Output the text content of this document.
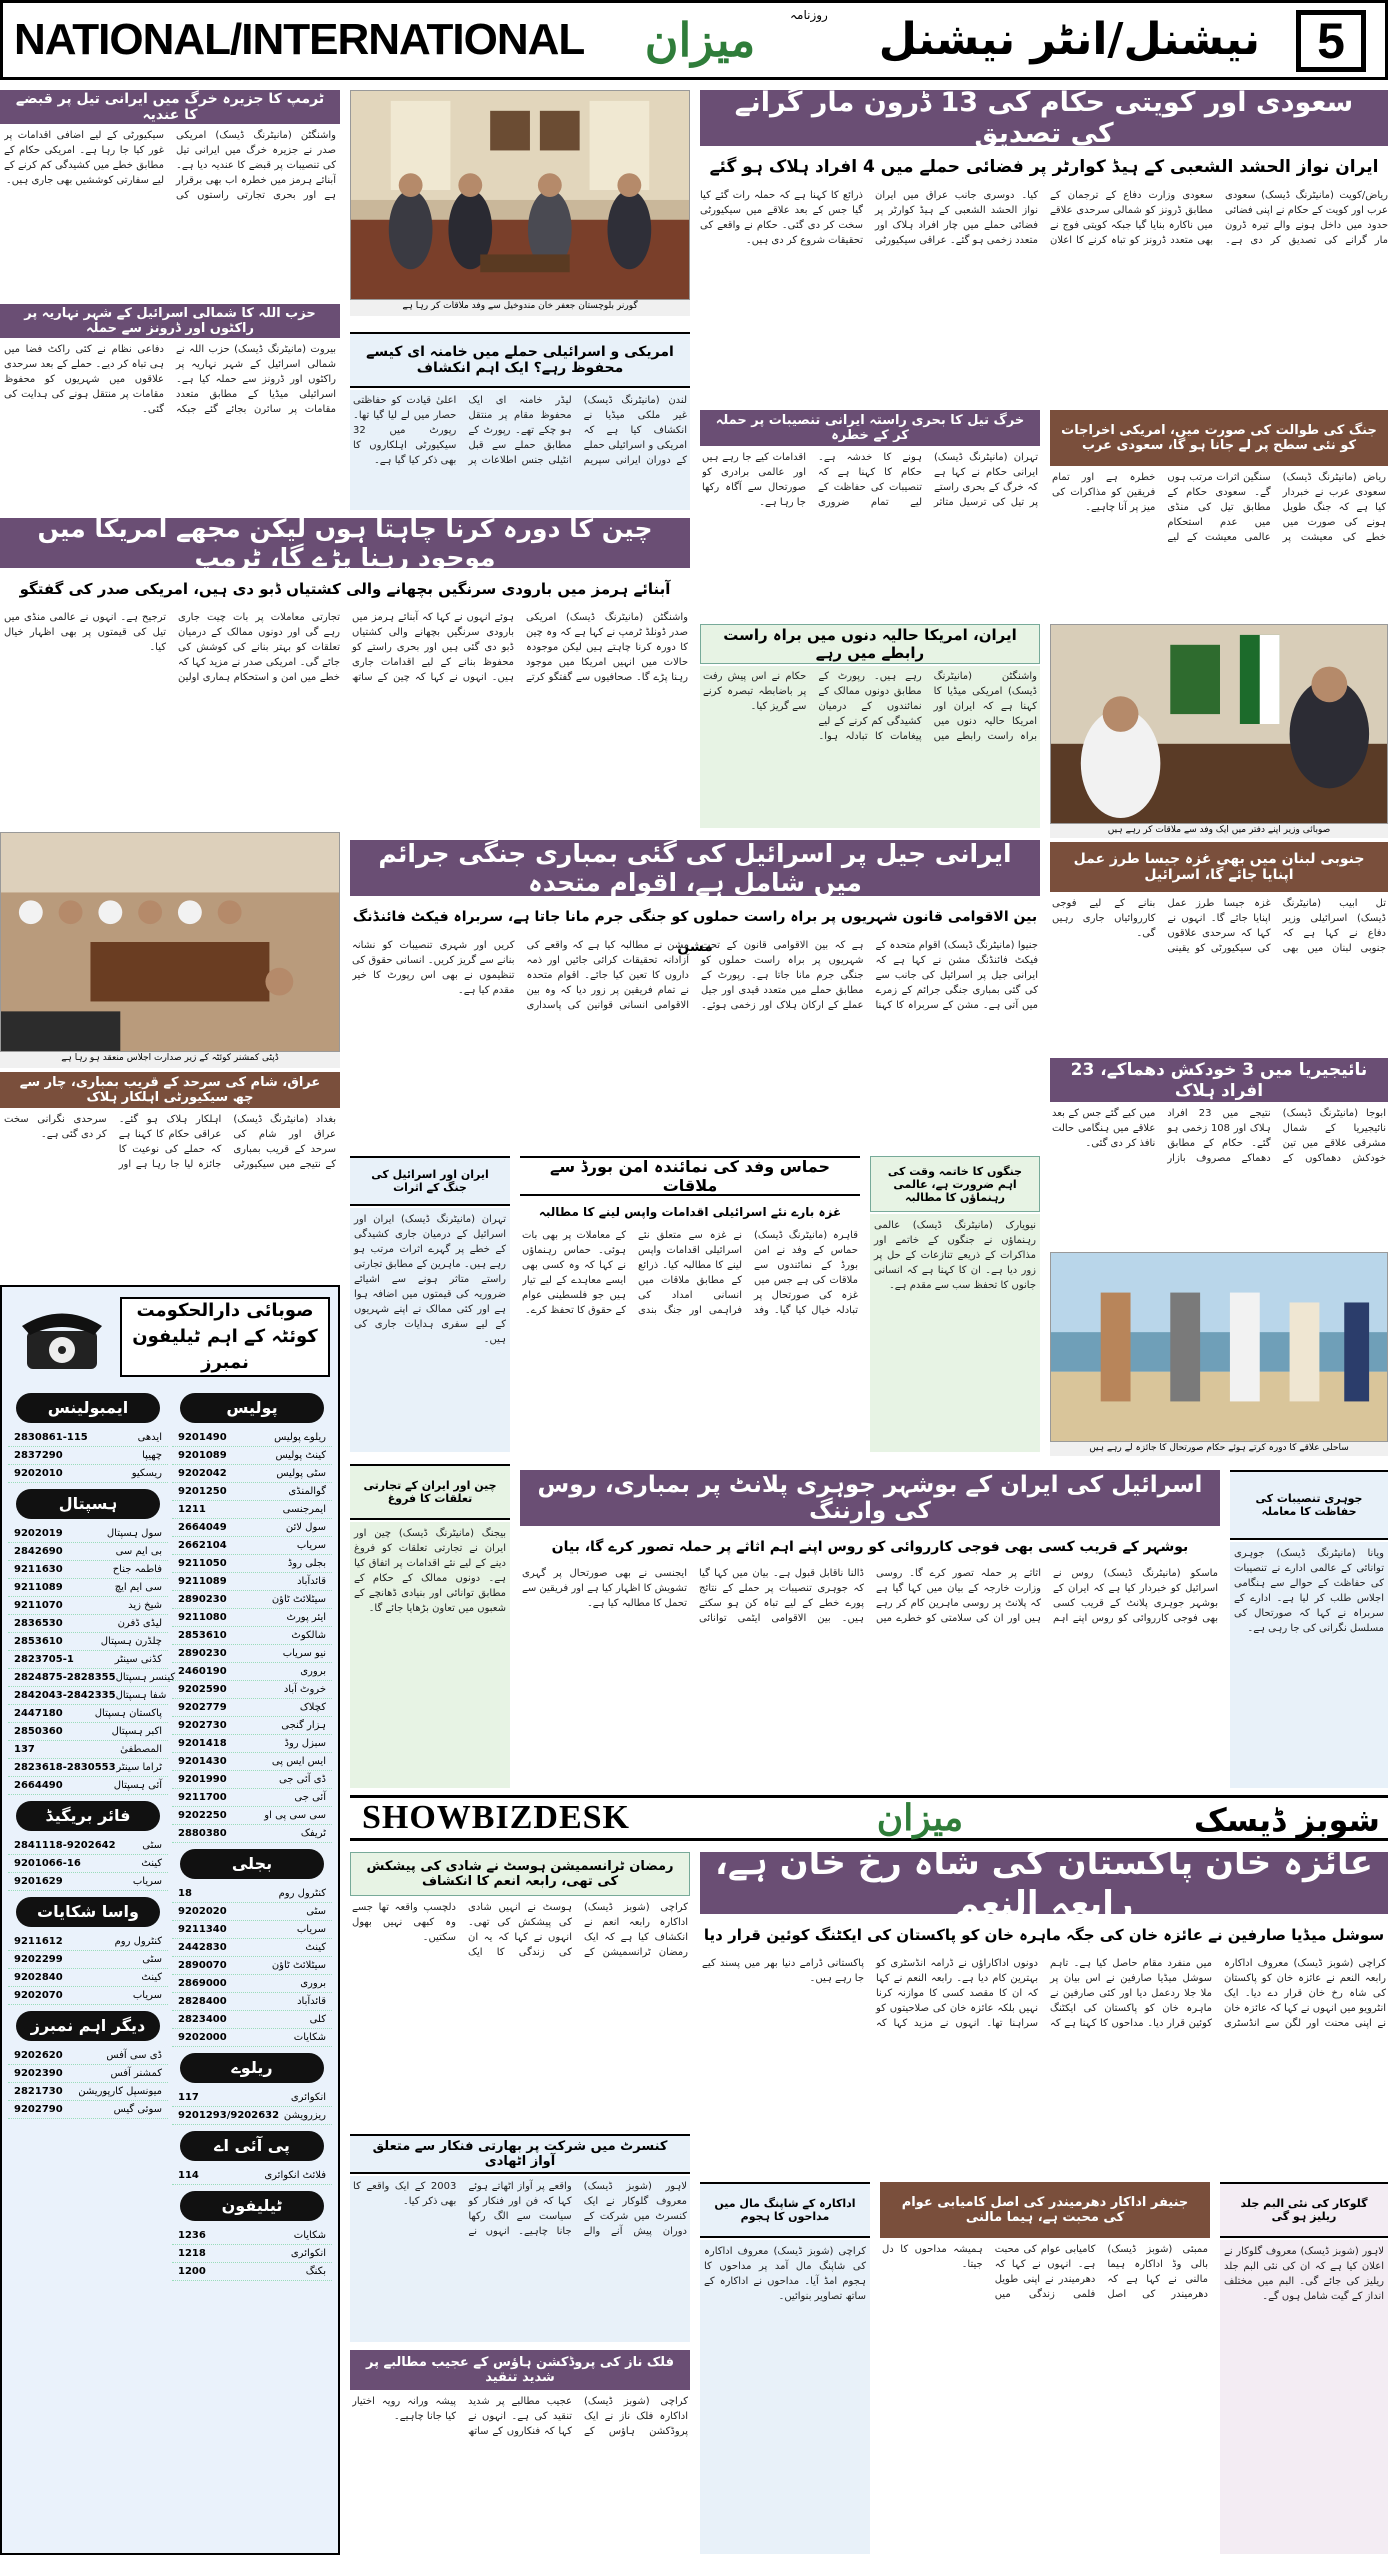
NATIONAL/INTERNATIONAL	روزنامہ
میزان	نیشنل/انٹر نیشنل	5
سعودی اور کویتی حکام کی 13 ڈرون مار گرانے کی تصدیق
ایران نواز الحشد الشعبی کے ہیڈ کوارٹر پر فضائی حملے میں 4 افراد ہلاک ہو گئے

ریاض/کویت (مانیٹرنگ ڈیسک) سعودی عرب اور کویت کے حکام نے اپنی فضائی حدود میں داخل ہونے والے تیرہ ڈرون مار گرانے کی تصدیق کر دی ہے۔ سعودی وزارت دفاع کے ترجمان کے مطابق ڈرونز کو شمالی سرحدی علاقے میں ناکارہ بنایا گیا جبکہ کویتی فوج نے بھی متعدد ڈرونز کو تباہ کرنے کا اعلان کیا۔ دوسری جانب عراق میں ایران نواز الحشد الشعبی کے ہیڈ کوارٹر پر فضائی حملے میں چار افراد ہلاک اور متعدد زخمی ہو گئے۔ عراقی سیکیورٹی ذرائع کا کہنا ہے کہ حملہ رات گئے کیا گیا جس کے بعد علاقے میں سیکیورٹی سخت کر دی گئی۔ حکام نے واقعے کی تحقیقات شروع کر دی ہیں۔

ٹرمپ کا جزیرہ خرگ میں ایرانی تیل پر قبضے کا عندیہ

واشنگٹن (مانیٹرنگ ڈیسک) امریکی صدر نے جزیرہ خرگ میں ایرانی تیل کی تنصیبات پر قبضے کا عندیہ دیا ہے۔ آبنائے ہرمز میں خطرہ اب بھی برقرار ہے اور بحری تجارتی راستوں کی سیکیورٹی کے لیے اضافی اقدامات پر غور کیا جا رہا ہے۔ امریکی حکام کے مطابق خطے میں کشیدگی کم کرنے کے لیے سفارتی کوششیں بھی جاری ہیں۔

حزب اللہ کا شمالی اسرائیل کے شہر نہاریہ پر راکٹوں اور ڈرونز سے حملہ

بیروت (مانیٹرنگ ڈیسک) حزب اللہ نے شمالی اسرائیل کے شہر نہاریہ پر راکٹوں اور ڈرونز سے حملہ کیا ہے۔ اسرائیلی میڈیا کے مطابق متعدد مقامات پر سائرن بجائے گئے جبکہ دفاعی نظام نے کئی راکٹ فضا میں ہی تباہ کر دیے۔ حملے کے بعد سرحدی علاقوں میں شہریوں کو محفوظ مقامات پر منتقل ہونے کی ہدایت کی گئی۔

گورنر بلوچستان جعفر خان مندوخیل سے وفد ملاقات کر رہا ہے
امریکی و اسرائیلی حملے میں خامنہ ای کیسے محفوظ رہے؟ ایک اہم انکشاف

لندن (مانیٹرنگ ڈیسک) غیر ملکی میڈیا نے انکشاف کیا ہے کہ امریکی و اسرائیلی حملے کے دوران ایرانی سپریم لیڈر خامنہ ای ایک محفوظ مقام پر منتقل ہو چکے تھے۔ رپورٹ کے مطابق حملے سے قبل انٹیلی جنس اطلاعات پر اعلیٰ قیادت کو حفاظتی حصار میں لے لیا گیا تھا۔ رپورٹ میں 32 سیکیورٹی اہلکاروں کا بھی ذکر کیا گیا ہے۔

چین کا دورہ کرنا چاہتا ہوں لیکن مجھے امریکا میں موجود رہنا پڑے گا، ٹرمپ
آبنائے ہرمز میں بارودی سرنگیں بچھانے والی کشتیاں ڈبو دی ہیں، امریکی صدر کی گفتگو

واشنگٹن (مانیٹرنگ ڈیسک) امریکی صدر ڈونلڈ ٹرمپ نے کہا ہے کہ وہ چین کا دورہ کرنا چاہتے ہیں لیکن موجودہ حالات میں انہیں امریکا میں موجود رہنا پڑے گا۔ صحافیوں سے گفتگو کرتے ہوئے انہوں نے کہا کہ آبنائے ہرمز میں بارودی سرنگیں بچھانے والی کشتیاں ڈبو دی گئی ہیں اور بحری راستے کو محفوظ بنانے کے لیے اقدامات جاری ہیں۔ انہوں نے کہا کہ چین کے ساتھ تجارتی معاملات پر بات چیت جاری رہے گی اور دونوں ممالک کے درمیان تعلقات کو بہتر بنانے کی کوشش کی جائے گی۔ امریکی صدر نے مزید کہا کہ خطے میں امن و استحکام ہماری اولین ترجیح ہے۔ انہوں نے عالمی منڈی میں تیل کی قیمتوں پر بھی اظہار خیال کیا۔

خرگ تیل کا بحری راستہ ایرانی تنصیبات پر حملہ کر کے خطرہ

تہران (مانیٹرنگ ڈیسک) ایرانی حکام نے کہا ہے کہ خرگ کے بحری راستے پر تیل کی ترسیل متاثر ہونے کا خدشہ ہے۔ حکام کا کہنا ہے کہ تنصیبات کی حفاظت کے لیے تمام ضروری اقدامات کیے جا رہے ہیں اور عالمی برادری کو صورتحال سے آگاہ رکھا جا رہا ہے۔

ایران، امریکا حالیہ دنوں میں براہ راست رابطے میں رہے

واشنگٹن (مانیٹرنگ ڈیسک) امریکی میڈیا کا کہنا ہے کہ ایران اور امریکا حالیہ دنوں میں براہ راست رابطے میں رہے ہیں۔ رپورٹ کے مطابق دونوں ممالک کے نمائندوں کے درمیان کشیدگی کم کرنے کے لیے پیغامات کا تبادلہ ہوا۔ حکام نے اس پیش رفت پر باضابطہ تبصرہ کرنے سے گریز کیا۔

جنگ کی طوالت کی صورت میں، امریکی اخراجات کو نئی سطح پر لے جانا ہو گا، سعودی عرب

ریاض (مانیٹرنگ ڈیسک) سعودی عرب نے خبردار کیا ہے کہ جنگ طویل ہونے کی صورت میں خطے کی معیشت پر سنگین اثرات مرتب ہوں گے۔ سعودی حکام کے مطابق تیل کی منڈی میں عدم استحکام عالمی معیشت کے لیے خطرہ ہے اور تمام فریقین کو مذاکرات کی میز پر آنا چاہیے۔

صوبائی وزیر اپنے دفتر میں ایک وفد سے ملاقات کر رہے ہیں
ڈپٹی کمشنر کوئٹہ کے زیر صدارت اجلاس منعقد ہو رہا ہے
عراق، شام کی سرحد کے قریب بمباری، چار سے چھ سیکیورٹی اہلکار ہلاک

بغداد (مانیٹرنگ ڈیسک) عراق اور شام کی سرحد کے قریب بمباری کے نتیجے میں سیکیورٹی اہلکار ہلاک ہو گئے۔ عراقی حکام کا کہنا ہے کہ حملے کی نوعیت کا جائزہ لیا جا رہا ہے اور سرحدی نگرانی سخت کر دی گئی ہے۔

ایرانی جیل پر اسرائیل کی گئی بمباری جنگی جرائم میں شامل ہے، اقوام متحدہ
بین الاقوامی قانون شہریوں پر براہ راست حملوں کو جنگی جرم مانا جاتا ہے، سربراہ فیکٹ فائنڈنگ مشن	جنیوا (مانیٹرنگ ڈیسک) اقوام متحدہ کے فیکٹ فائنڈنگ مشن نے کہا ہے کہ ایرانی جیل پر اسرائیل کی جانب سے کی گئی بمباری جنگی جرائم کے زمرے میں آتی ہے۔ مشن کے سربراہ کا کہنا ہے کہ بین الاقوامی قانون کے تحت شہریوں پر براہ راست حملوں کو جنگی جرم مانا جاتا ہے۔ رپورٹ کے مطابق حملے میں متعدد قیدی اور جیل عملے کے ارکان ہلاک اور زخمی ہوئے۔ مشن نے مطالبہ کیا ہے کہ واقعے کی آزادانہ تحقیقات کرائی جائیں اور ذمہ داروں کا تعین کیا جائے۔ اقوام متحدہ نے تمام فریقین پر زور دیا کہ وہ بین الاقوامی انسانی قوانین کی پاسداری کریں اور شہری تنصیبات کو نشانہ بنانے سے گریز کریں۔ انسانی حقوق کی تنظیموں نے بھی اس رپورٹ کا خیر مقدم کیا ہے۔

جنوبی لبنان میں بھی غزہ جیسا طرز عمل اپنایا جائے گا، اسرائیل

تل ابیب (مانیٹرنگ ڈیسک) اسرائیلی وزیر دفاع نے کہا ہے کہ جنوبی لبنان میں بھی غزہ جیسا طرز عمل اپنایا جائے گا۔ انہوں نے کہا کہ سرحدی علاقوں کی سیکیورٹی کو یقینی بنانے کے لیے فوجی کارروائیاں جاری رہیں گی۔

نائیجیریا میں 3 خودکش دھماکے، 23 افراد ہلاک

ابوجا (مانیٹرنگ ڈیسک) نائیجیریا کے شمال مشرقی علاقے میں تین خودکش دھماکوں کے نتیجے میں 23 افراد ہلاک اور 108 زخمی ہو گئے۔ حکام کے مطابق دھماکے مصروف بازار میں کیے گئے جس کے بعد علاقے میں ہنگامی حالت نافذ کر دی گئی۔

ساحلی علاقے کا دورہ کرتے ہوئے حکام صورتحال کا جائزہ لے رہے ہیں
ایران اور اسرائیل کی جنگ کے اثرات

تہران (مانیٹرنگ ڈیسک) ایران اور اسرائیل کے درمیان جاری کشیدگی کے خطے پر گہرے اثرات مرتب ہو رہے ہیں۔ ماہرین کے مطابق تجارتی راستے متاثر ہونے سے اشیائے ضروریہ کی قیمتوں میں اضافہ ہوا ہے اور کئی ممالک نے اپنے شہریوں کے لیے سفری ہدایات جاری کی ہیں۔

حماس وفد کی نمائندہ امن بورڈ سے ملاقات
غزہ بارے نئے اسرائیلی اقدامات واپس لینے کا مطالبہ

قاہرہ (مانیٹرنگ ڈیسک) حماس کے وفد نے امن بورڈ کے نمائندوں سے ملاقات کی ہے جس میں غزہ کی صورتحال پر تبادلہ خیال کیا گیا۔ وفد نے غزہ سے متعلق نئے اسرائیلی اقدامات واپس لینے کا مطالبہ کیا۔ ذرائع کے مطابق ملاقات میں انسانی امداد کی فراہمی اور جنگ بندی کے معاملات پر بھی بات ہوئی۔ حماس رہنماؤں نے کہا کہ وہ کسی بھی ایسے معاہدے کے لیے تیار ہیں جو فلسطینی عوام کے حقوق کا تحفظ کرے۔

جنگوں کا خاتمہ وقت کی اہم ضرورت ہے، عالمی رہنماؤں کا مطالبہ

نیویارک (مانیٹرنگ ڈیسک) عالمی رہنماؤں نے جنگوں کے خاتمے اور مذاکرات کے ذریعے تنازعات کے حل پر زور دیا ہے۔ ان کا کہنا ہے کہ انسانی جانوں کا تحفظ سب سے مقدم ہے۔

چین اور ایران کے تجارتی تعلقات کا فروغ

بیجنگ (مانیٹرنگ ڈیسک) چین اور ایران نے تجارتی تعلقات کو فروغ دینے کے لیے نئے اقدامات پر اتفاق کیا ہے۔ دونوں ممالک کے حکام کے مطابق توانائی اور بنیادی ڈھانچے کے شعبوں میں تعاون بڑھایا جائے گا۔

اسرائیل کی ایران کے بوشہر جوہری پلانٹ پر بمباری، روس کی وارننگ
بوشہر کے قریب کسی بھی فوجی کارروائی کو روس اپنے اہم اثاثے پر حملہ تصور کرے گا، بیان

ماسکو (مانیٹرنگ ڈیسک) روس نے اسرائیل کو خبردار کیا ہے کہ ایران کے بوشہر جوہری پلانٹ کے قریب کسی بھی فوجی کارروائی کو روس اپنے اہم اثاثے پر حملہ تصور کرے گا۔ روسی وزارت خارجہ کے بیان میں کہا گیا ہے کہ پلانٹ پر روسی ماہرین کام کر رہے ہیں اور ان کی سلامتی کو خطرے میں ڈالنا ناقابل قبول ہے۔ بیان میں کہا گیا کہ جوہری تنصیبات پر حملے کے نتائج پورے خطے کے لیے تباہ کن ہو سکتے ہیں۔ بین الاقوامی ایٹمی توانائی ایجنسی نے بھی صورتحال پر گہری تشویش کا اظہار کیا ہے اور فریقین سے تحمل کا مطالبہ کیا ہے۔

جوہری تنصیبات کی حفاظت کا معاملہ

ویانا (مانیٹرنگ ڈیسک) جوہری توانائی کے عالمی ادارے نے تنصیبات کی حفاظت کے حوالے سے ہنگامی اجلاس طلب کر لیا ہے۔ ادارے کے سربراہ نے کہا کہ صورتحال کی مسلسل نگرانی کی جا رہی ہے۔

صوبائی دارالحکومت کوئٹہ کے اہم ٹیلیفون نمبرز
پولیس
9201490	ریلوے پولیس
9201089	کینٹ پولیس
9202042	سٹی پولیس
9201250	گوالمنڈی
1211	ایمرجنسی
2664049	سول لائن
2662104	سریاب
9211050	بجلی روڈ
9211089	قائدآباد
2890230	سیٹلائٹ ٹاؤن
9211080	ایئر پورٹ
2853610	شالکوٹ
2890230	نیو سریاب
2460190	بروری
9202590	خروٹ آباد
9202779	کچلاک
9202730	ہزار گنجی
9201418	سبزل روڈ
9201430	ایس ایس پی
9201990	ڈی آئی جی
9211700	آئی جی
9202250	سی سی پی او
2880380	ٹریفک
بجلی
18	کنٹرول روم
9202020	سٹی
9211340	سریاب
2442830	کینٹ
2890070	سیٹلائٹ ٹاؤن
2869000	بروری
2828400	قائدآباد
2823400	کلی
9202000	شکایات
ریلوے
117	انکوائری
9201293/9202632 ریزرویشن
پی آئی اے
114	فلائٹ انکوائری
ٹیلیفون
1236	شکایات
1218	انکوائری
1200	بکنگ
ایمبولینس
2830861-115	ایدھی
2837290	چھیپا
9202010	ریسکیو
ہسپتال
9202019	سول ہسپتال
2842690	بی ایم سی
9211630	فاطمہ جناح
9211089	سی ایم ایچ
9211070	شیخ زید
2836530	لیڈی ڈفرن
2853610	چلڈرن ہسپتال
2823705-1	کڈنی سینٹر
2824875-2828355 کینسر ہسپتال
2842043-2842335 شفا ہسپتال
2447180	پاکستان ہسپتال
2850360	اکبر ہسپتال
137	المصطفیٰ
2823618-2830553 ٹراما سینٹر
2664490	آئی ہسپتال
فائر بریگیڈ
2841118-9202642	سٹی
9201066-16	کینٹ
9201629	سریاب
واسا شکایات
9211612	کنٹرول روم
9202299	سٹی
9202840	کینٹ
9202070	سریاب
دیگر اہم نمبرز
9202620	ڈی سی آفس
9202390	کمشنر آفس
2821730 میونسپل کارپوریشن
9202790	سوئی گیس
SHOWBIZDESK	میزان	شوبز ڈیسک
عائزہ خان پاکستان کی شاہ رخ خان ہے، رابعہ النعم
سوشل میڈیا صارفین نے عائزہ خان کی جگہ ماہرہ خان کو پاکستان کی ایکٹنگ کوئین قرار دیا

کراچی (شوبز ڈیسک) معروف اداکارہ رابعہ النعم نے عائزہ خان کو پاکستان کی شاہ رخ خان قرار دے دیا۔ ایک انٹرویو میں انہوں نے کہا کہ عائزہ خان نے اپنی محنت اور لگن سے انڈسٹری میں منفرد مقام حاصل کیا ہے۔ تاہم سوشل میڈیا صارفین نے اس بیان پر ملا جلا ردعمل دیا اور کئی صارفین نے ماہرہ خان کو پاکستان کی ایکٹنگ کوئین قرار دیا۔ مداحوں کا کہنا ہے کہ دونوں اداکاراؤں نے ڈرامہ انڈسٹری کو بہترین کام دیا ہے۔ رابعہ النعم نے کہا کہ ان کا مقصد کسی کا موازنہ کرنا نہیں بلکہ عائزہ خان کی صلاحیتوں کو سراہنا تھا۔ انہوں نے مزید کہا کہ پاکستانی ڈرامے دنیا بھر میں پسند کیے جا رہے ہیں۔

رمضان ٹرانسمیشن ہوسٹ نے شادی کی پیشکش کی تھی، رابعہ انعم کا انکشاف

کراچی (شوبز ڈیسک) اداکارہ رابعہ انعم نے انکشاف کیا ہے کہ ایک رمضان ٹرانسمیشن کے ہوسٹ نے انہیں شادی کی پیشکش کی تھی۔ انہوں نے کہا کہ یہ ان کی زندگی کا ایک دلچسپ واقعہ تھا جسے وہ کبھی نہیں بھول سکتیں۔

کنسرٹ میں شرکت پر بھارتی فنکار سے متعلق آواز اٹھادی

لاہور (شوبز ڈیسک) معروف گلوکار نے ایک کنسرٹ میں شرکت کے دوران پیش آنے والے واقعے پر آواز اٹھاتے ہوئے کہا کہ فن اور فنکار کو سیاست سے الگ رکھا جانا چاہیے۔ انہوں نے 2003 کے ایک واقعے کا بھی ذکر کیا۔

فلک ناز کی پروڈکشن ہاؤس کے عجیب مطالبے پر شدید تنقید

کراچی (شوبز ڈیسک) اداکارہ فلک ناز نے ایک پروڈکشن ہاؤس کے عجیب مطالبے پر شدید تنقید کی ہے۔ انہوں نے کہا کہ فنکاروں کے ساتھ پیشہ ورانہ رویہ اختیار کیا جانا چاہیے۔

اداکارہ کے شاپنگ مال میں مداحوں کا ہجوم

کراچی (شوبز ڈیسک) معروف اداکارہ کی شاپنگ مال آمد پر مداحوں کا ہجوم امڈ آیا۔ مداحوں نے اداکارہ کے ساتھ تصاویر بنوائیں۔

جنیفر اداکار دھرمیندر کی اصل کامیابی عوام کی محبت ہے، ہیما مالنی

ممبئی (شوبز ڈیسک) بالی وڈ اداکارہ ہیما مالنی نے کہا ہے کہ دھرمیندر کی اصل کامیابی عوام کی محبت ہے۔ انہوں نے کہا کہ دھرمیندر نے اپنی طویل فلمی زندگی میں ہمیشہ مداحوں کا دل جیتا۔

گلوکار کی نئی البم جلد ریلیز ہو گی

لاہور (شوبز ڈیسک) معروف گلوکار نے اعلان کیا ہے کہ ان کی نئی البم جلد ریلیز کی جائے گی۔ البم میں مختلف انداز کے گیت شامل ہوں گے۔
